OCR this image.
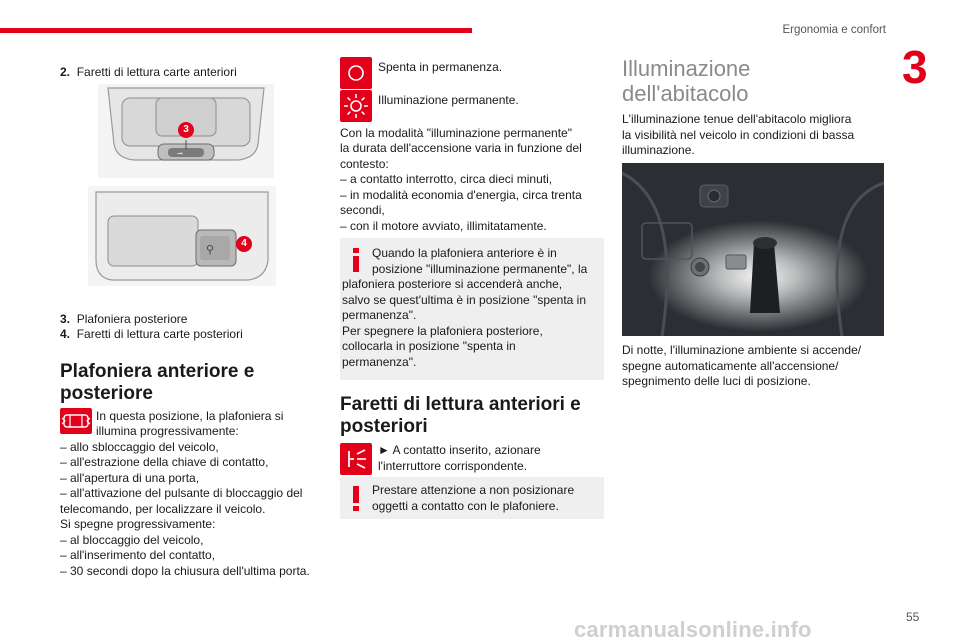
Ergonomia e confort
3
2. Faretti di lettura carte anteriori
⊸
3
⚲	4
3. Plafoniera posteriore
4. Faretti di lettura carte posteriori
Plafoniera anteriore e
posteriore
In questa posizione, la plafoniera si
illumina progressivamente:
– allo sbloccaggio del veicolo,
– all'estrazione della chiave di contatto,
– all'apertura di una porta,
– all'attivazione del pulsante di bloccaggio del
telecomando, per localizzare il veicolo.
Si spegne progressivamente:
– al bloccaggio del veicolo,
– all'inserimento del contatto,
– 30 secondi dopo la chiusura dell'ultima porta.
Spenta in permanenza.
Illuminazione permanente.
Con la modalità "illuminazione permanente"
la durata dell'accensione varia in funzione del
contesto:
– a contatto interrotto, circa dieci minuti,
– in modalità economia d'energia, circa trenta
secondi,
– con il motore avviato, illimitatamente.
Quando la plafoniera anteriore è in
posizione "illuminazione permanente", la
plafoniera posteriore si accenderà anche,
salvo se quest'ultima è in posizione "spenta in
permanenza".
Per spegnere la plafoniera posteriore,
collocarla in posizione "spenta in
permanenza".
Faretti di lettura anteriori e
posteriori
► A contatto inserito, azionare
l'interruttore corrispondente.
Prestare attenzione a non posizionare
oggetti a contatto con le plafoniere.
Illuminazione
dell'abitacolo
L'illuminazione tenue dell'abitacolo migliora
la visibilità nel veicolo in condizioni di bassa
illuminazione.
Di notte, l'illuminazione ambiente si accende/
spegne automaticamente all'accensione/
spegnimento delle luci di posizione.
carmanualsonline.info	55
